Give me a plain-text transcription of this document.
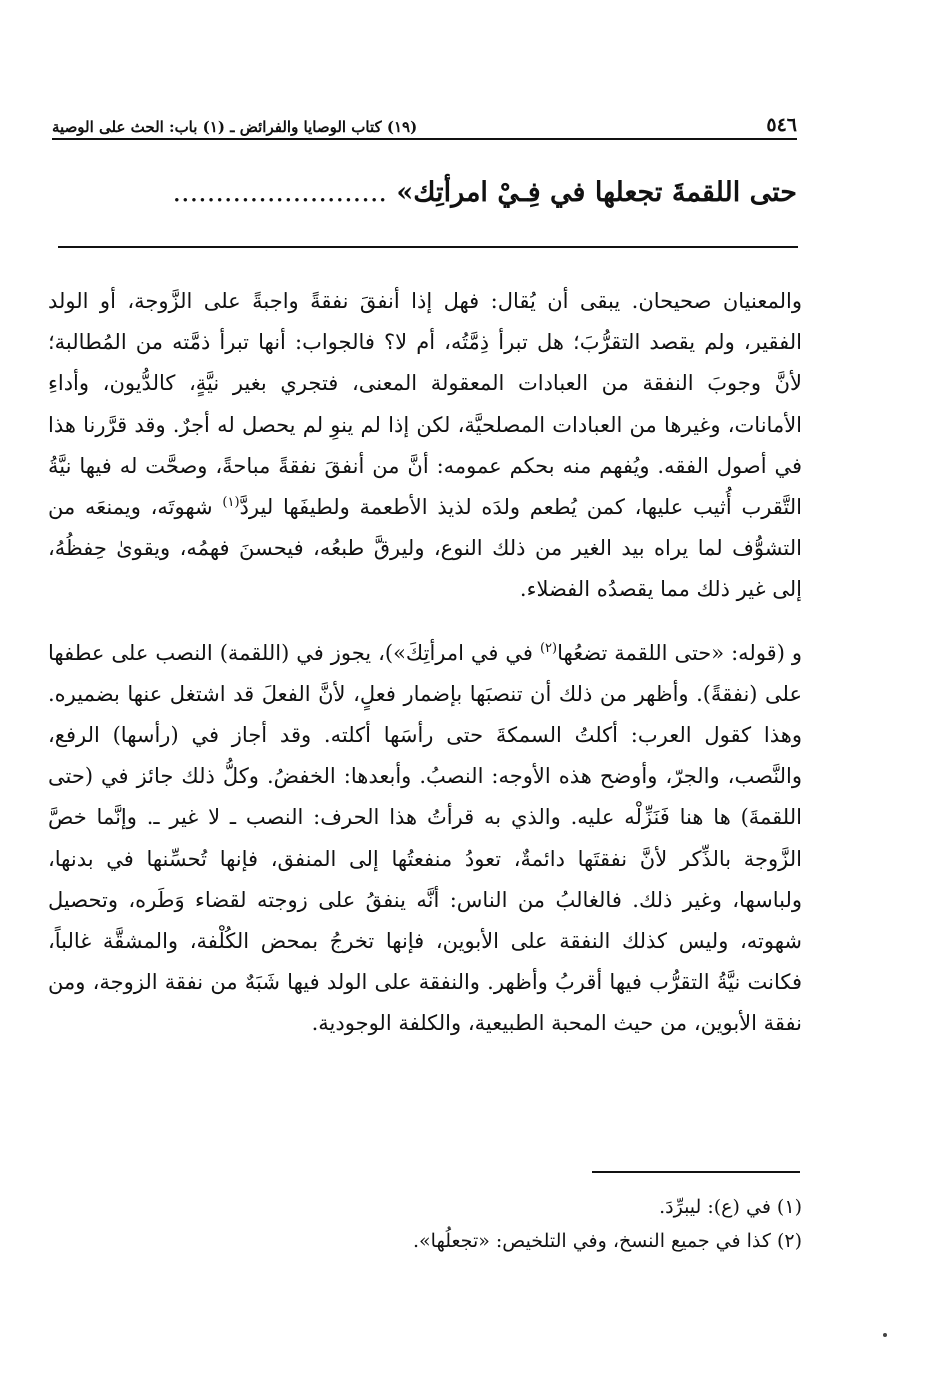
٥٤٦
(١٩) كتاب الوصايا والفرائض ـ (١) باب: الحث على الوصية
حتى اللقمةَ تجعلها في فِـيْ امرأتِك» .........................

والمعنيان صحيحان. يبقى أن يُقال: فهل إذا أنفقَ نفقةً واجبةً على الزَّوجة، أو الولد الفقير، ولم يقصد التقرُّبَ؛ هل تبرأ ذِمَّتُه، أم لا؟ فالجواب: أنها تبرأ ذمَّته من المُطالبة؛ لأنَّ وجوبَ النفقة من العبادات المعقولة المعنى، فتجري بغير نيَّةٍ، كالدُّيون، وأداءِ الأمانات، وغيرها من العبادات المصلحيَّة، لكن إذا لم ينوِ لم يحصل له أجرٌ. وقد قرَّرنا هذا في أصول الفقه. ويُفهم منه بحكم عمومه: أنَّ من أنفقَ نفقةً مباحةً، وصحَّت له فيها نيَّةُ التَّقرب أُثيب عليها، كمن يُطعم ولدَه لذيذ الأطعمة ولطيفَها ليردَّ$^{(١)}$ شهوتَه، ويمنعَه من التشوُّف لما يراه بيد الغير من ذلك النوع، وليرقَّ طبعُه، فيحسنَ فهمُه، ويقوىٰ حِفظُهُ، إلى غير ذلك مما يقصدُه الفضلاء.

و (قوله: «حتى اللقمة تضعُها$^{(٢)}$ في في امرأتِكَ»)، يجوز في (اللقمة) النصب على عطفها على (نفقةً). وأظهر من ذلك أن تنصبَها بإضمار فعلٍ، لأنَّ الفعلَ قد اشتغل عنها بضميره. وهذا كقول العرب: أكلتُ السمكةَ حتى رأسَها أكلته. وقد أجاز في (رأسها) الرفع، والنَّصب، والجرّ، وأوضح هذه الأوجه: النصبُ. وأبعدها: الخفضُ. وكلُّ ذلك جائز في (حتى اللقمةَ) ها هنا فَنَزِّلْه عليه. والذي به قرأتُ هذا الحرف: النصب ـ لا غير ـ. وإنَّما خصَّ الزَّوجة بالذِّكر لأنَّ نفقتَها دائمةٌ، تعودُ منفعتُها إلى المنفق، فإنها تُحسِّنها في بدنها، ولباسها، وغير ذلك. فالغالبُ من الناس: أنَّه ينفقُ على زوجته لقضاء وَطَره، وتحصيل شهوته، وليس كذلك النفقة على الأبوين، فإنها تخرجُ بمحض الكُلْفة، والمشقَّة غالباً، فكانت نيَّةُ التقرُّب فيها أقربُ وأظهر. والنفقة على الولد فيها شَبَهٌ من نفقة الزوجة، ومن نفقة الأبوين، من حيث المحبة الطبيعية، والكلفة الوجودية.

(١) في (ع): ليبرِّدَ.

(٢) كذا في جميع النسخ، وفي التلخيص: «تجعلُها».
